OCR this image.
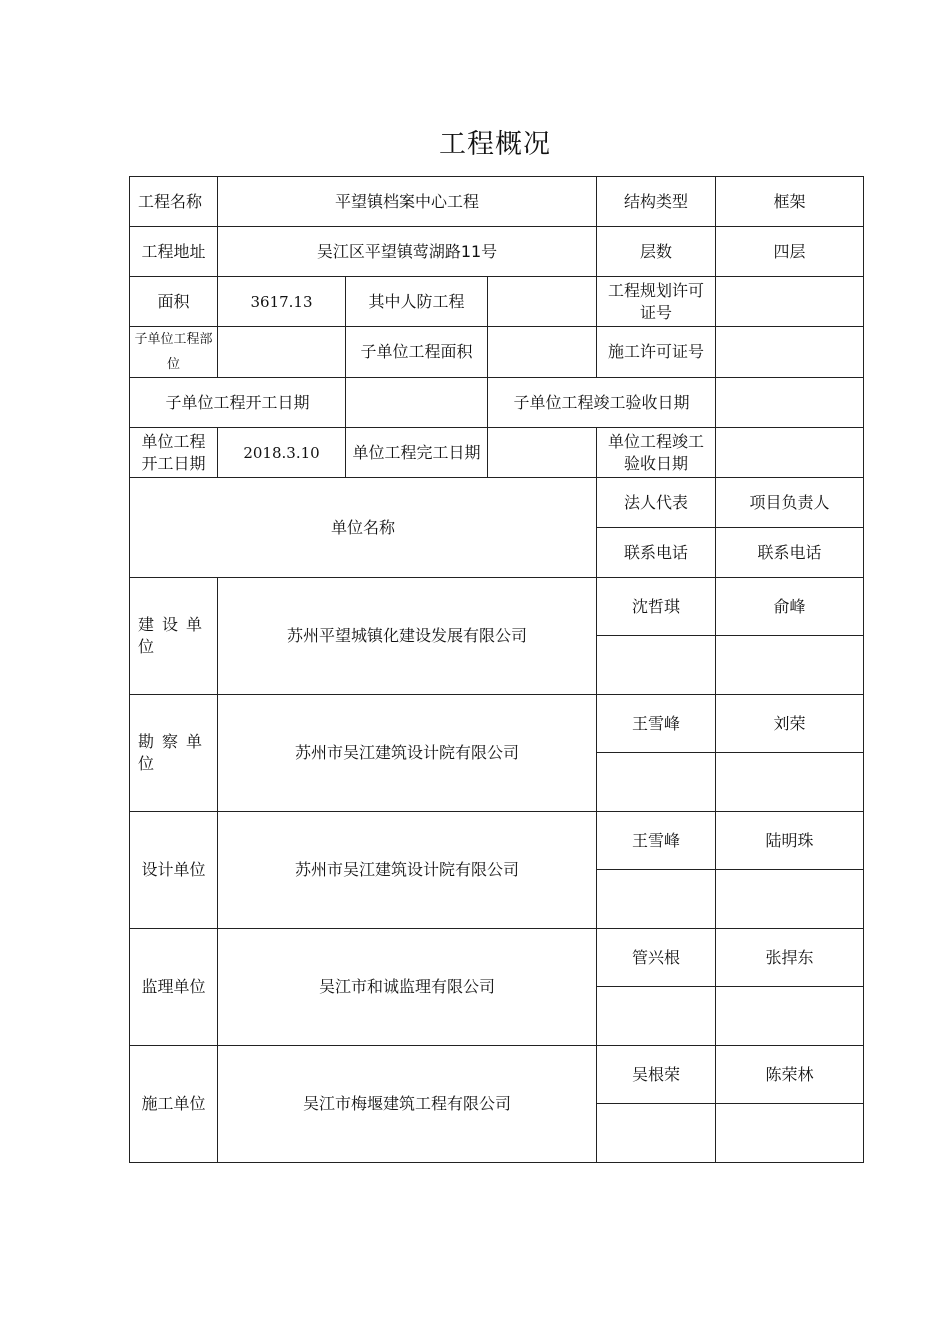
工程概况
工程名称	平望镇档案中心工程			结构类型	框架
工程地址	吴江区平望镇莺湖路11号			层数	四层
面积	3617.13	其中人防工程		工程规划许可证号	
子单位工程部位		子单位工程面积		施工许可证号	
子单位工程开工日期			子单位工程竣工验收日期		
单位工程开工日期	2018.3.10	单位工程完工日期		单位工程竣工验收日期	
单位名称				法人代表	项目负责人
				联系电话	联系电话
建设单位	苏州平望城镇化建设发展有限公司			沈哲琪	俞峰

勘察单位	苏州市吴江建筑设计院有限公司			王雪峰	刘荣

设计单位	苏州市吴江建筑设计院有限公司			王雪峰	陆明珠

监理单位	吴江市和诚监理有限公司			管兴根	张捍东

施工单位	吴江市梅堰建筑工程有限公司			吴根荣	陈荣林
